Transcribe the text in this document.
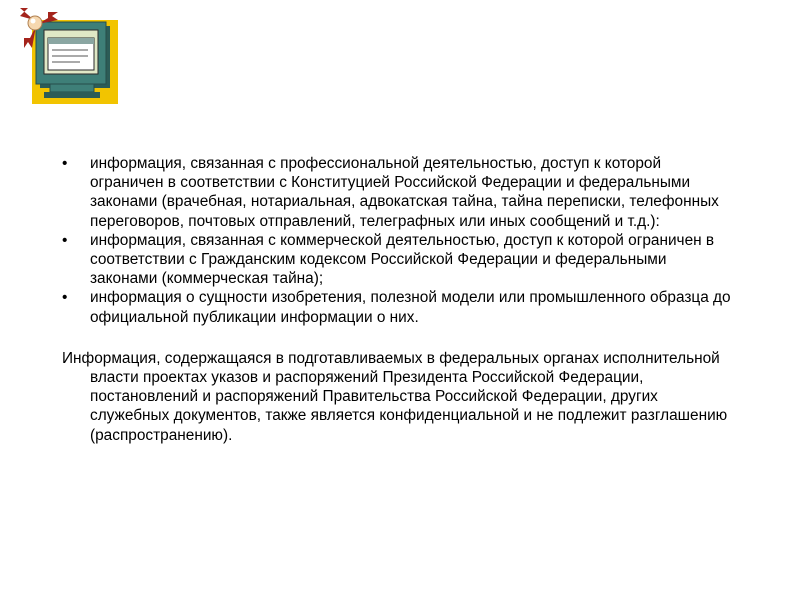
• информация, связанная с профессиональной деятельностью, доступ к которой ограничен в соответствии с Конституцией Российской Федерации и федеральными законами (врачебная, нотариальная, адвокатская тайна, тайна переписки, телефонных переговоров, почтовых отправлений, телеграфных или иных сообщений и т.д.):
• информация, связанная с коммерческой деятельностью, доступ к которой ограничен в соответствии с Гражданским кодексом Российской Федерации и федеральными законами (коммерческая тайна);
• информация о сущности изобретения, полезной модели или промышленного образца до официальной публикации информации о них.
Информация, содержащаяся в подготавливаемых в федеральных органах исполнительной власти проектах указов и распоряжений Президента Российской Федерации, постановлений и распоряжений Правительства Российской Федерации, других служебных документов, также является конфиденциальной и не подлежит разглашению (распространению).
